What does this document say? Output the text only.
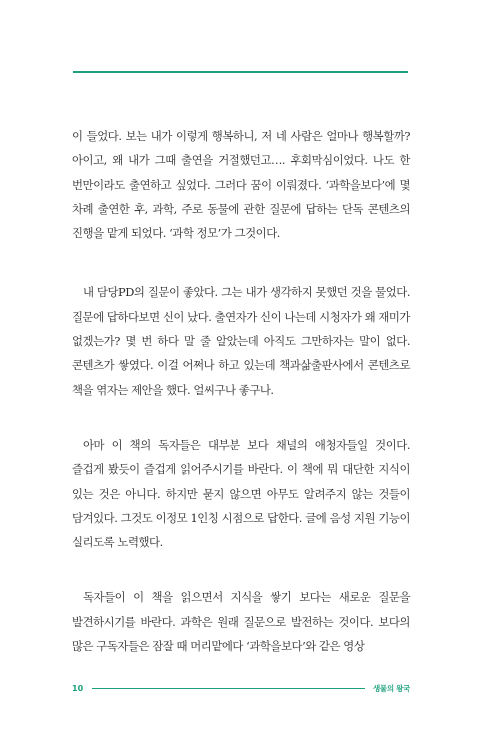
이 들었다. 보는 내가 이렇게 행복하니, 저 네 사람은 얼마나 행복할까? 아이고, 왜 내가 그때 출연을 거절했던고…. 후회막심이었다. 나도 한 번만이라도 출연하고 싶었다. 그러다 꿈이 이뤄졌다. ‘과학을보다’에 몇 차례 출연한 후, 과학, 주로 동물에 관한 질문에 답하는 단독 콘텐츠의 진행을 맡게 되었다. ‘과학 정모’가 그것이다.

내 담당PD의 질문이 좋았다. 그는 내가 생각하지 못했던 것을 물었다. 질문에 답하다보면 신이 났다. 출연자가 신이 나는데 시청자가 왜 재미가 없겠는가? 몇 번 하다 말 줄 알았는데 아직도 그만하자는 말이 없다. 콘텐츠가 쌓였다. 이걸 어쩌나 하고 있는데 책과삶출판사에서 콘텐츠로 책을 엮자는 제안을 했다. 얼씨구나 좋구나.

아마 이 책의 독자들은 대부분 보다 채널의 애청자들일 것이다. 즐겁게 봤듯이 즐겁게 읽어주시기를 바란다. 이 책에 뭐 대단한 지식이 있는 것은 아니다. 하지만 묻지 않으면 아무도 알려주지 않는 것들이 담겨있다. 그것도 이정모 1인칭 시점으로 답한다. 글에 음성 지원 기능이 실리도록 노력했다.

독자들이 이 책을 읽으면서 지식을 쌓기 보다는 새로운 질문을 발견하시기를 바란다. 과학은 원래 질문으로 발전하는 것이다. 보다의 많은 구독자들은 잠잘 때 머리맡에다 ‘과학을보다’와 같은 영상

10	생물의 왕국
